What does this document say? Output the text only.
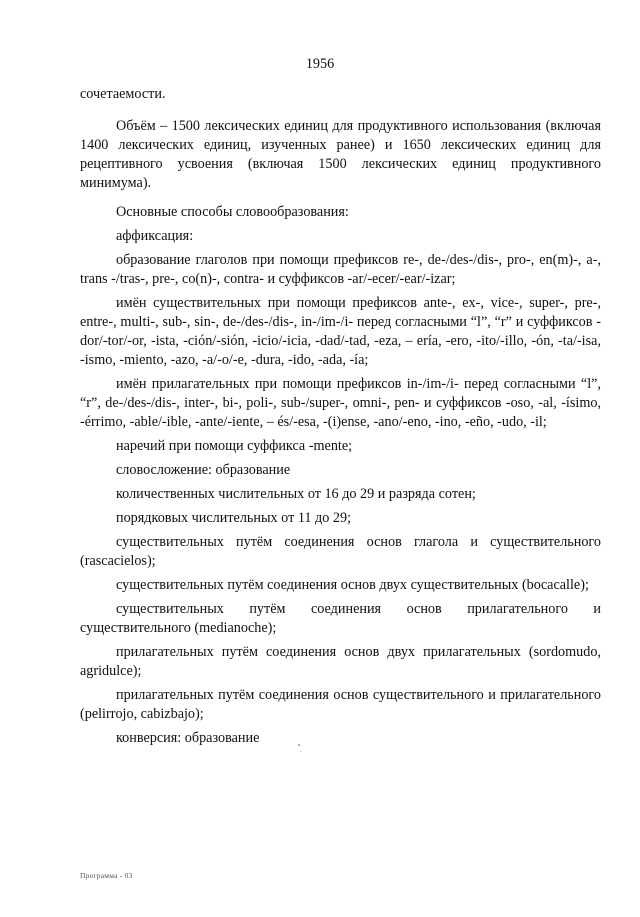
1956

сочетаемости.

Объём – 1500 лексических единиц для продуктивного использования (включая 1400 лексических единиц, изученных ранее) и 1650 лексических единиц для рецептивного усвоения (включая 1500 лексических единиц продуктивного минимума).

Основные способы словообразования:

аффиксация:

образование глаголов при помощи префиксов re-, de-/des-/dis-, pro-, en(m)-, a-, trans -/tras-, pre-, co(n)-, contra- и суффиксов -ar/-ecer/-ear/-izar;

имён существительных при помощи префиксов ante-, ex-, vice-, super-, pre-, entre-, multi-, sub-, sin-, de-/des-/dis-, in-/im-/i- перед согласными “l”, “r” и суффиксов -dor/-tor/-or, -ista, -ción/-sión, -icio/-icia, -dad/-tad, -eza, – ería, -ero, -ito/-illo, -ón, -ta/-isa, -ismo, -miento, -azo, -a/-o/-e, -dura, -ido, -ada, -ía;

имён прилагательных при помощи префиксов in-/im-/i- перед согласными “l”, “r”, de-/des-/dis-, inter-, bi-, poli-, sub-/super-, omni-, pen- и суффиксов -oso, -al, -ísimo, -érrimo, -able/-ible, -ante/-iente, – és/-esa, -(i)ense, -ano/-eno, -ino, -eño, -udo, -il;

наречий при помощи суффикса -mente;

словосложение: образование

количественных числительных от 16 до 29 и разряда сотен;

порядковых числительных от 11 до 29;

существительных путём соединения основ глагола и существительного (rascacielos);

существительных путём соединения основ двух существительных (bocacalle);

существительных путём соединения основ прилагательного и существительного (medianoche);

прилагательных путём соединения основ двух прилагательных (sordomudo, agridulce);

прилагательных путём соединения основ существительного и прилагательного (pelirrojo, cabizbajo);

конверсия: образование

Программа - 03
